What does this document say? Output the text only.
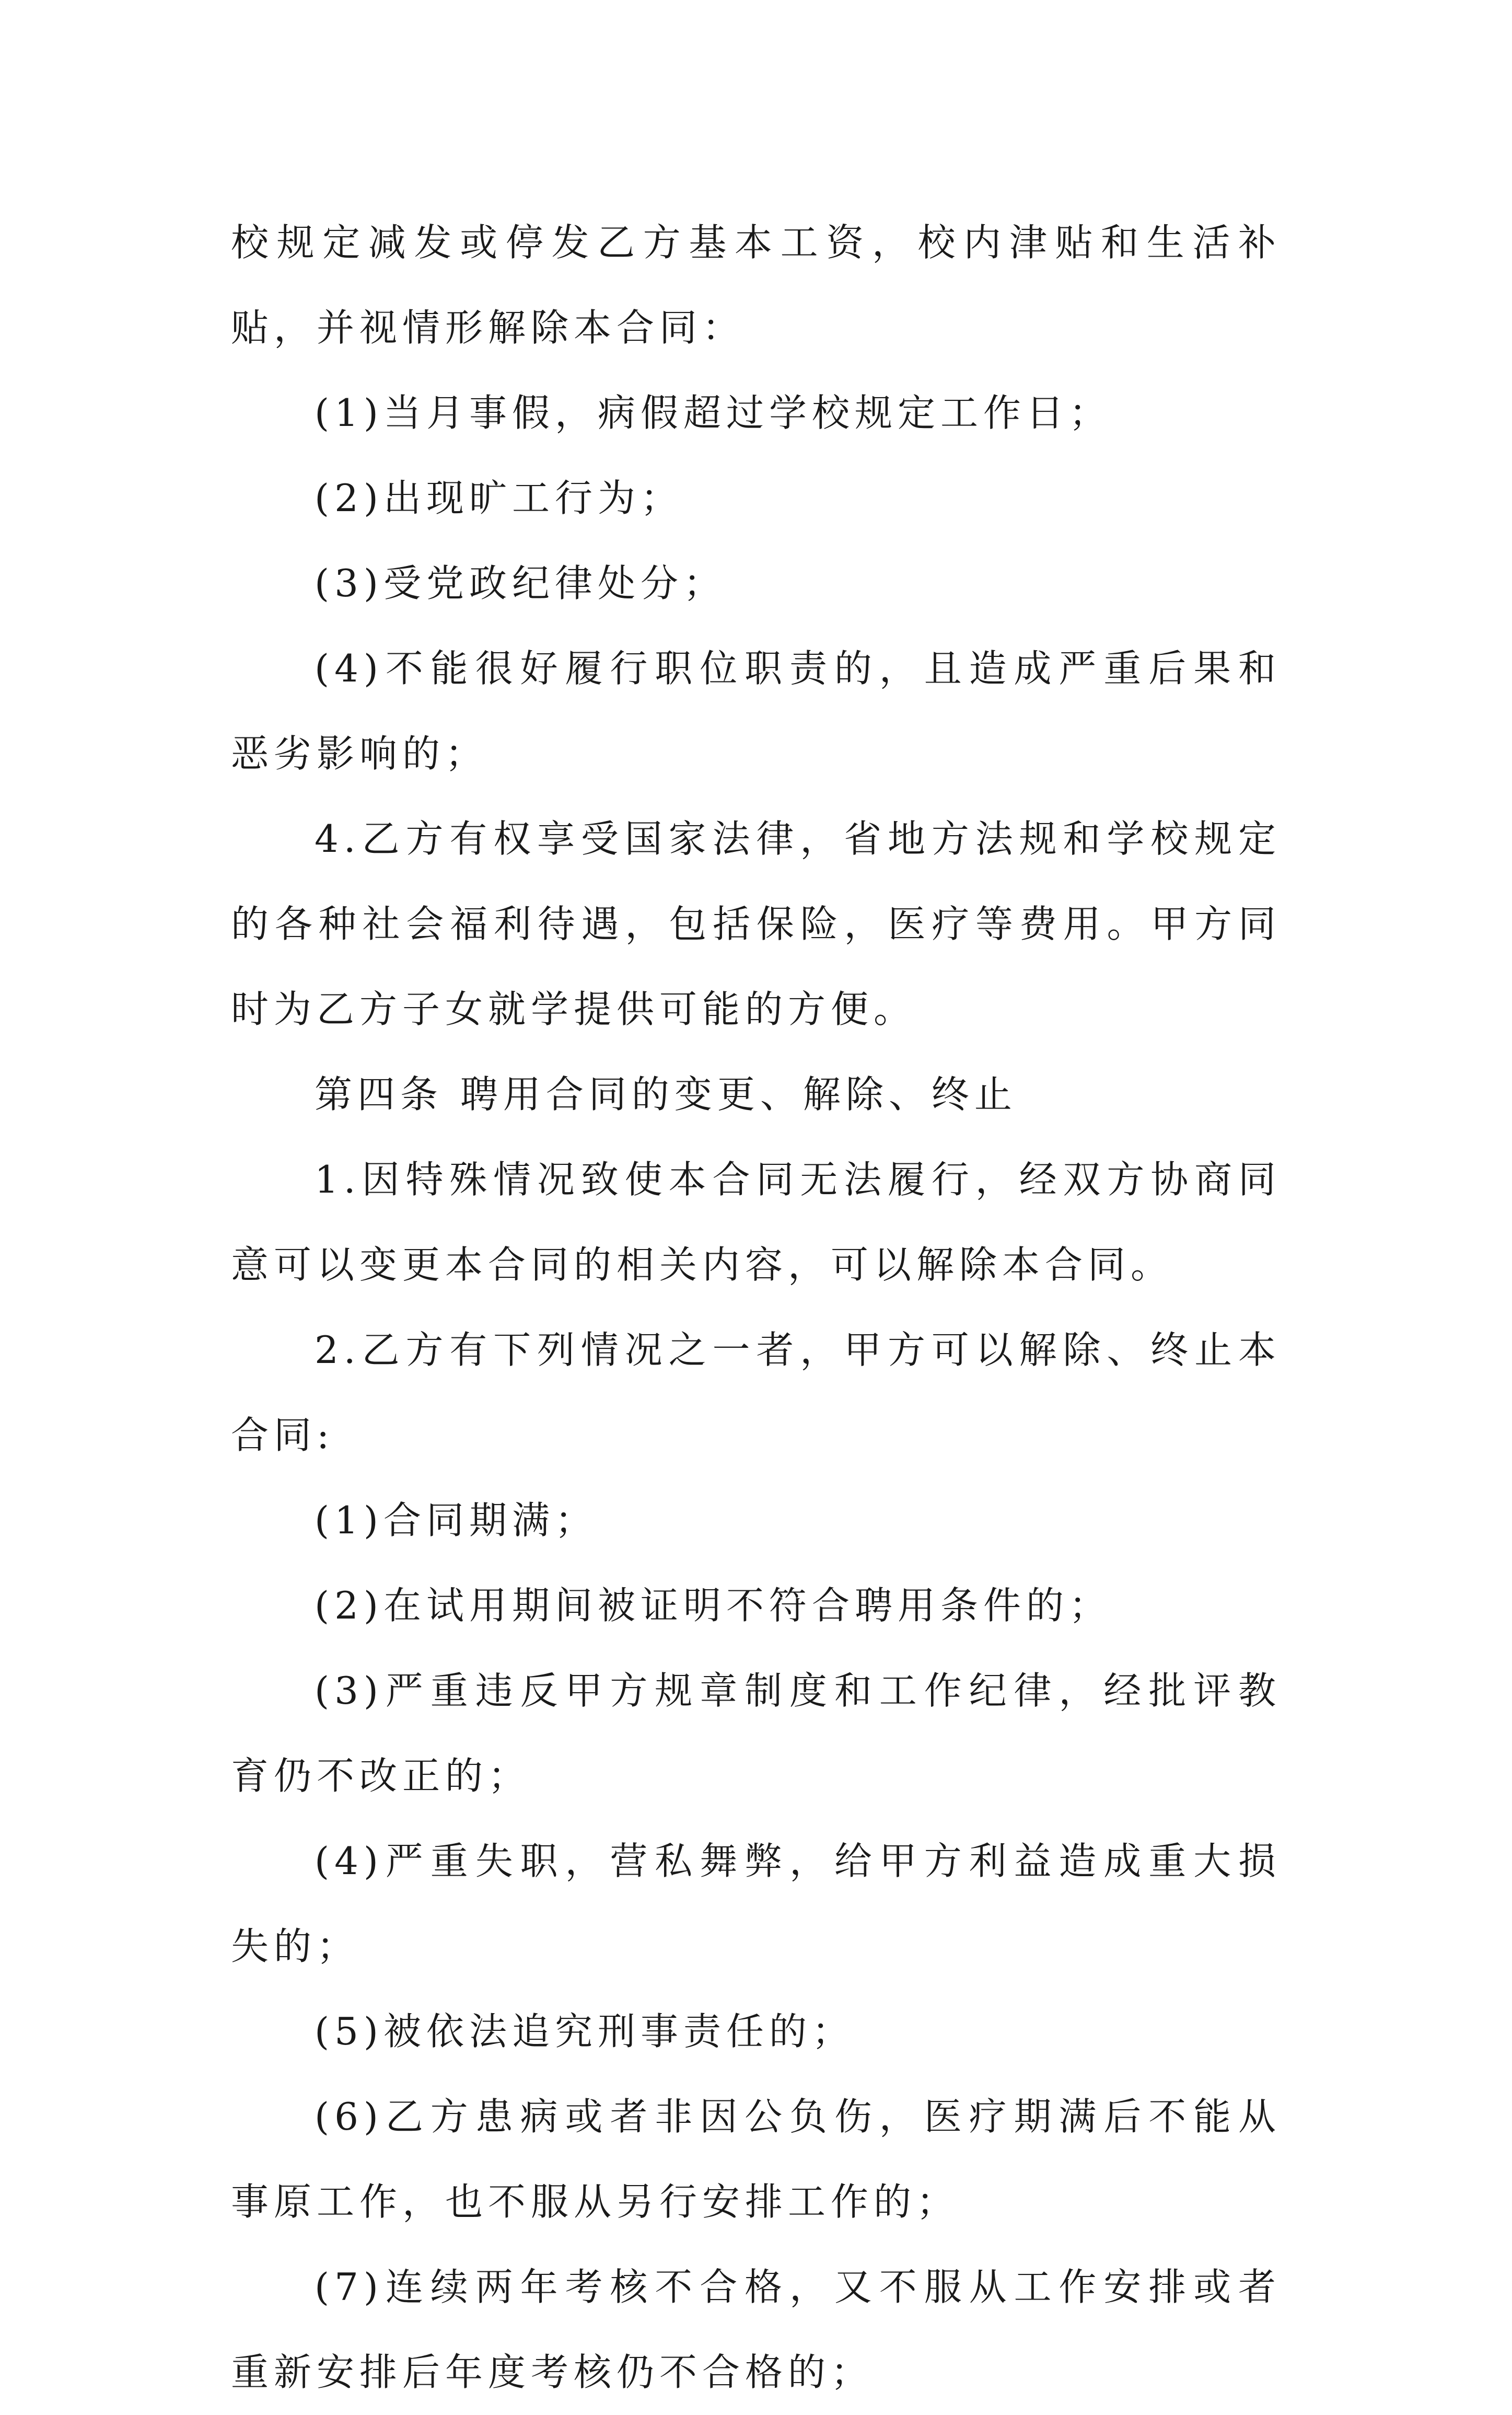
校规定减发或停发乙方基本工资，校内津贴和生活补贴，并视情形解除本合同：

(1)当月事假，病假超过学校规定工作日；

(2)出现旷工行为；

(3)受党政纪律处分；

(4)不能很好履行职位职责的，且造成严重后果和恶劣影响的；

4.乙方有权享受国家法律，省地方法规和学校规定的各种社会福利待遇，包括保险，医疗等费用。甲方同时为乙方子女就学提供可能的方便。

第四条 聘用合同的变更、解除、终止

1.因特殊情况致使本合同无法履行，经双方协商同意可以变更本合同的相关内容，可以解除本合同。

2.乙方有下列情况之一者，甲方可以解除、终止本合同:

(1)合同期满；

(2)在试用期间被证明不符合聘用条件的；

(3)严重违反甲方规章制度和工作纪律，经批评教育仍不改正的；

(4)严重失职，营私舞弊，给甲方利益造成重大损失的；

(5)被依法追究刑事责任的；

(6)乙方患病或者非因公负伤，医疗期满后不能从事原工作，也不服从另行安排工作的；

(7)连续两年考核不合格，又不服从工作安排或者重新安排后年度考核仍不合格的；
